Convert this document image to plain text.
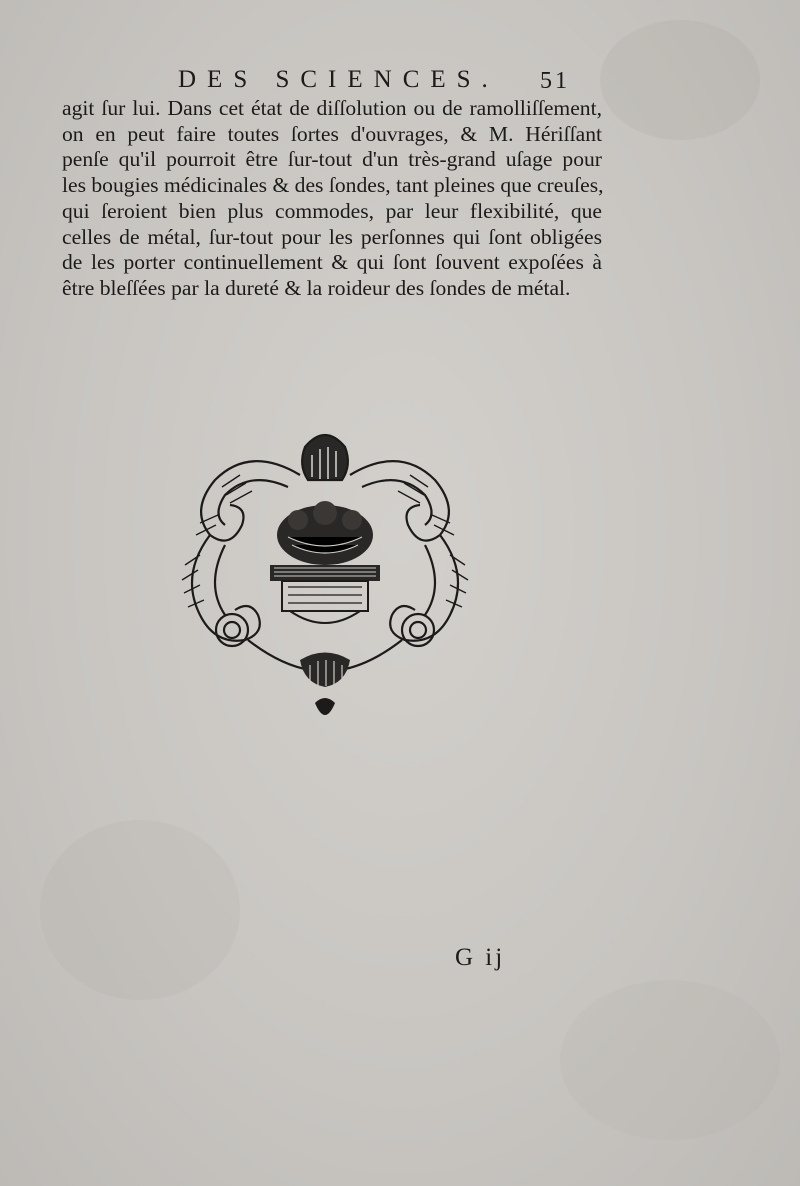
DES SCIENCES. 51
agit ſur lui. Dans cet état de diſſolution ou de ramolliſſement,
on en peut faire toutes ſortes d'ouvrages, & M. Hériſſant
penſe qu'il pourroit être ſur-tout d'un très-grand uſage pour
les bougies médicinales & des ſondes, tant pleines que creuſes,
qui ſeroient bien plus commodes, par leur flexibilité, que
celles de métal, ſur-tout pour les perſonnes qui ſont obligées
de les porter continuellement & qui ſont ſouvent expoſées à
être bleſſées par la dureté & la roideur des ſondes de métal.
G ij
